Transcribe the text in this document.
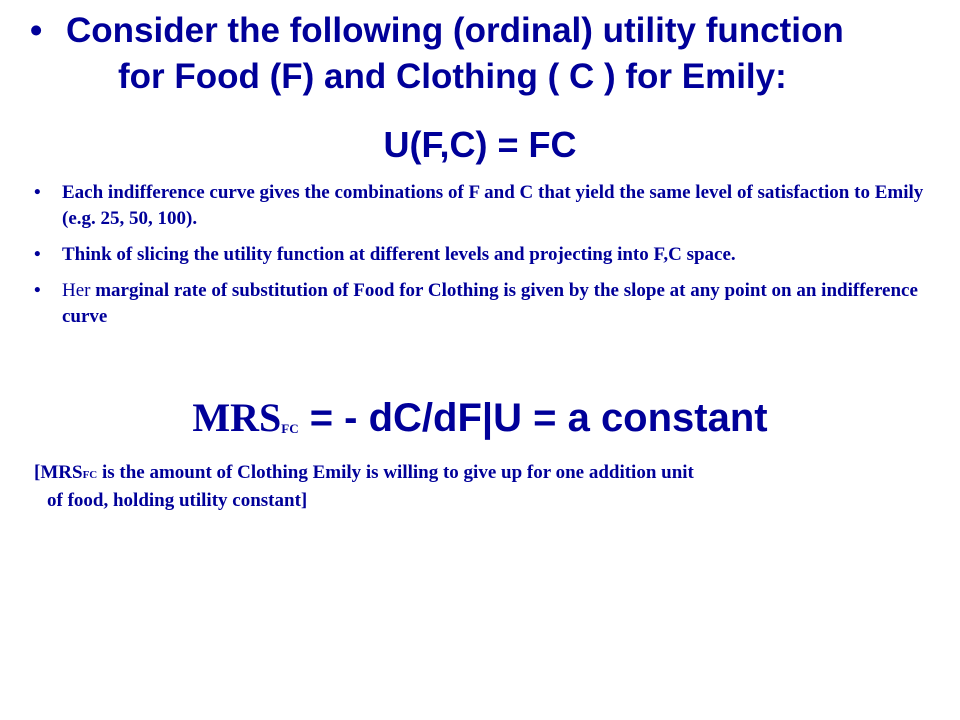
• Consider the following (ordinal) utility function
for Food (F) and Clothing ( C ) for Emily:
U(F,C) = FC
• Each indifference curve gives the combinations of F and C that yield the same level of satisfaction to Emily (e.g. 25, 50, 100).
• Think of slicing the utility function at different levels and projecting into F,C space.
• Her marginal rate of substitution of Food for Clothing is given by the slope at any point on an indifference curve
MRSFC = - dC/dF|U = a constant
[MRSFC is the amount of Clothing Emily is willing to give up for one addition unit
of food, holding utility constant]
